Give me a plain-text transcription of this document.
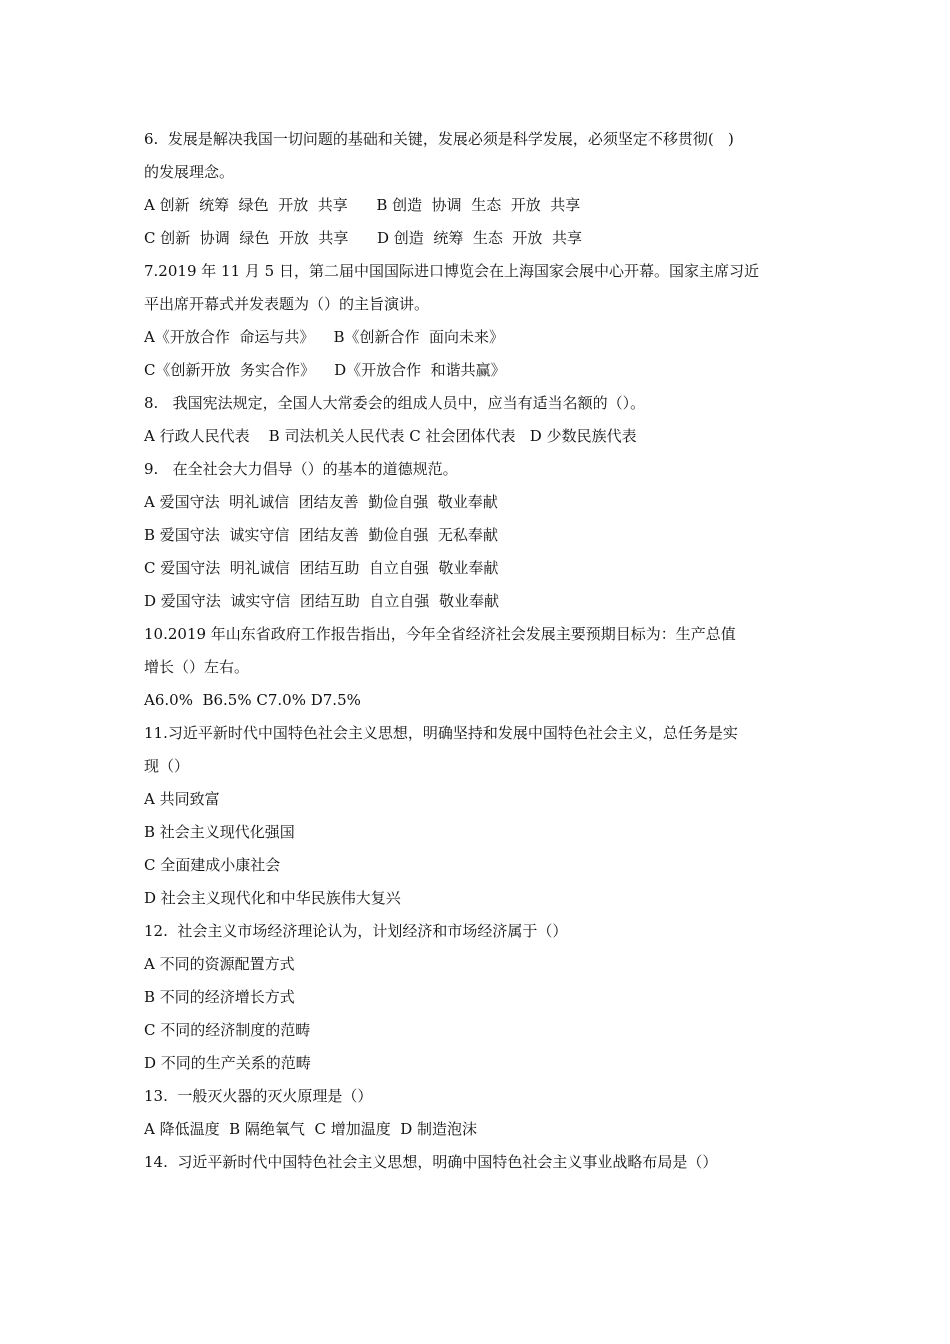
6.  发展是解决我国一切问题的基础和关键，发展必须是科学发展，必须坚定不移贯彻(   )
的发展理念。
A 创新  统筹  绿色  开放  共享      B 创造  协调  生态  开放  共享
C 创新  协调  绿色  开放  共享      D 创造  统筹  生态  开放  共享
7.2019 年 11 月 5 日，第二届中国国际进口博览会在上海国家会展中心开幕。国家主席习近
平出席开幕式并发表题为（）的主旨演讲。
A《开放合作  命运与共》    B《创新合作  面向未来》
C《创新开放  务实合作》    D《开放合作  和谐共赢》
8.   我国宪法规定，全国人大常委会的组成人员中，应当有适当名额的（）。
A 行政人民代表    B 司法机关人民代表 C 社会团体代表   D 少数民族代表
9.   在全社会大力倡导（）的基本的道德规范。
A 爱国守法  明礼诚信  团结友善  勤俭自强  敬业奉献
B 爱国守法  诚实守信  团结友善  勤俭自强  无私奉献
C 爱国守法  明礼诚信  团结互助  自立自强  敬业奉献
D 爱国守法  诚实守信  团结互助  自立自强  敬业奉献
10.2019 年山东省政府工作报告指出，今年全省经济社会发展主要预期目标为：生产总值
增长（）左右。
A6.0%  B6.5% C7.0% D7.5%
11.习近平新时代中国特色社会主义思想，明确坚持和发展中国特色社会主义，总任务是实
现（）
A 共同致富
B 社会主义现代化强国
C 全面建成小康社会
D 社会主义现代化和中华民族伟大复兴
12.  社会主义市场经济理论认为，计划经济和市场经济属于（）
A 不同的资源配置方式
B 不同的经济增长方式
C 不同的经济制度的范畴
D 不同的生产关系的范畴
13.  一般灭火器的灭火原理是（）
A 降低温度  B 隔绝氧气  C 增加温度  D 制造泡沫
14.  习近平新时代中国特色社会主义思想，明确中国特色社会主义事业战略布局是（）
